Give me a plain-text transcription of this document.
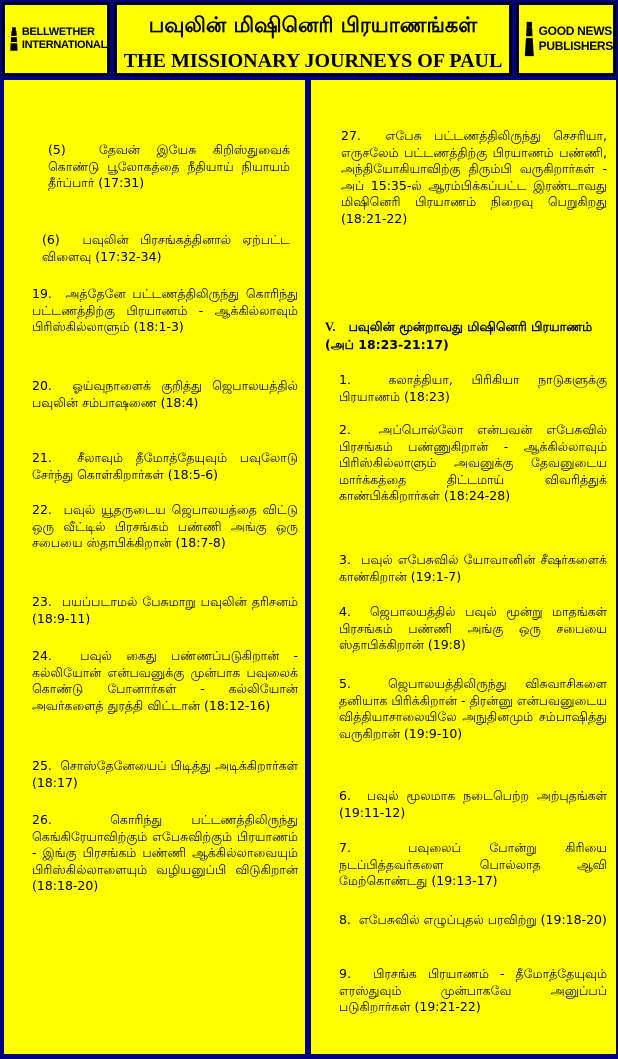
BELLWETHER
INTERNATIONAL
பவுலின் மிஷினெரி பிரயாணங்கள்
THE MISSIONARY JOURNEYS OF PAUL
GOOD NEWS
PUBLISHERS
(5)	தேவன் இயேசு கிறிஸ்துவைக் கொண்டு பூலோகத்தை நீதியாய் நியாயம் தீர்ப்பார் (17:31)
(6) பவுலின் பிரசங்கத்தினால் ஏற்பட்ட விளைவு (17:32-34)
19. அத்தேனே பட்டணத்திலிருந்து கொரிந்து பட்டணத்திற்கு பிரயாணம் - ஆக்கில்லாவும் பிரிஸ்கில்லாளும் (18:1-3)
20. ஓய்வுநாளைக் குறித்து ஜெபாலயத்தில் பவுலின் சம்பாஷணை (18:4)
21. சீலாவும் தீமோத்தேயுவும் பவுலோடு சேர்ந்து கொள்கிறார்கள் (18:5-6)
22. பவுல் யூதருடைய ஜெபாலயத்தை விட்டு ஒரு வீட்டில் பிரசங்கம் பண்ணி அங்கு ஒரு சபையை ஸ்தாபிக்கிறான் (18:7-8)
23. பயப்படாமல் பேசுமாறு பவுலின் தரிசனம் (18:9-11)
24. பவுல் கைது பண்ணப்படுகிறான் - கல்லியோன் என்பவனுக்கு முன்பாக பவுலைக் கொண்டு போனார்கள் - கல்லியோன் அவர்களைத் துரத்தி விட்டான் (18:12-16)
25. சொஸ்தேனேயைப் பிடித்து அடிக்கிறார்கள் (18:17)
26.	கொரிந்து பட்டணத்திலிருந்து கெங்கிரேயாவிற்கும் எபேசுவிற்கும் பிரயாணம் - இங்கு பிரசங்கம் பண்ணி ஆக்கில்லாவையும் பிரிஸ்கில்லாளையும் வழியனுப்பி விடுகிறான் (18:18-20)
27. எபேசு பட்டணத்திலிருந்து செசரியா, எருசலேம் பட்டணத்திற்கு பிரயாணம் பண்ணி, அந்தியோகியாவிற்கு திரும்பி வருகிறார்கள் - அப் 15:35-ல் ஆரம்பிக்கப்பட்ட இரண்டாவது மிஷினெரி பிரயாணம் நிறைவு பெறுகிறது (18:21-22)
V. பவுலின் மூன்றாவது மிஷினெரி பிரயாணம் (அப் 18:23-21:17)
1.	கலாத்தியா, பிரிகியா நாடுகளுக்கு பிரயாணம் (18:23)
2. அப்பொல்லோ என்பவன் எபேசுவில் பிரசங்கம் பண்ணுகிறான் - ஆக்கில்லாவும் பிரிஸ்கில்லாளும் அவனுக்கு தேவனுடைய மார்க்கத்தை திட்டமாய் விவரித்துக் காண்பிக்கிறார்கள் (18:24-28)
3. பவுல் எபேசுவில் யோவானின் சீஷர்களைக் காண்கிறான் (19:1-7)
4. ஜெபாலயத்தில் பவுல் மூன்று மாதங்கள் பிரசங்கம் பண்ணி அங்கு ஒரு சபையை ஸ்தாபிக்கிறான் (19:8)
5.	ஜெபாலயத்திலிருந்து விசுவாசிகளை தனியாக பிரிக்கிறான் - திரன்னு என்பவனுடைய வித்தியாசாலையிலே அநுதினமும் சம்பாஷித்து வருகிறான் (19:9-10)
6. பவுல் மூலமாக நடைபெற்ற அற்புதங்கள் (19:11-12)
7.	பவுலைப் போன்று கிரியை நடப்பித்தவர்களை பொல்லாத ஆவி மேற்கொண்டது (19:13-17)
8. எபேசுவில் எழுப்புதல் பரவிற்று (19:18-20)
9. பிரசங்க பிரயாணம் - தீமோத்தேயுவும் எரஸ்துவும் முன்பாகவே அனுப்பப் படுகிறார்கள் (19:21-22)
